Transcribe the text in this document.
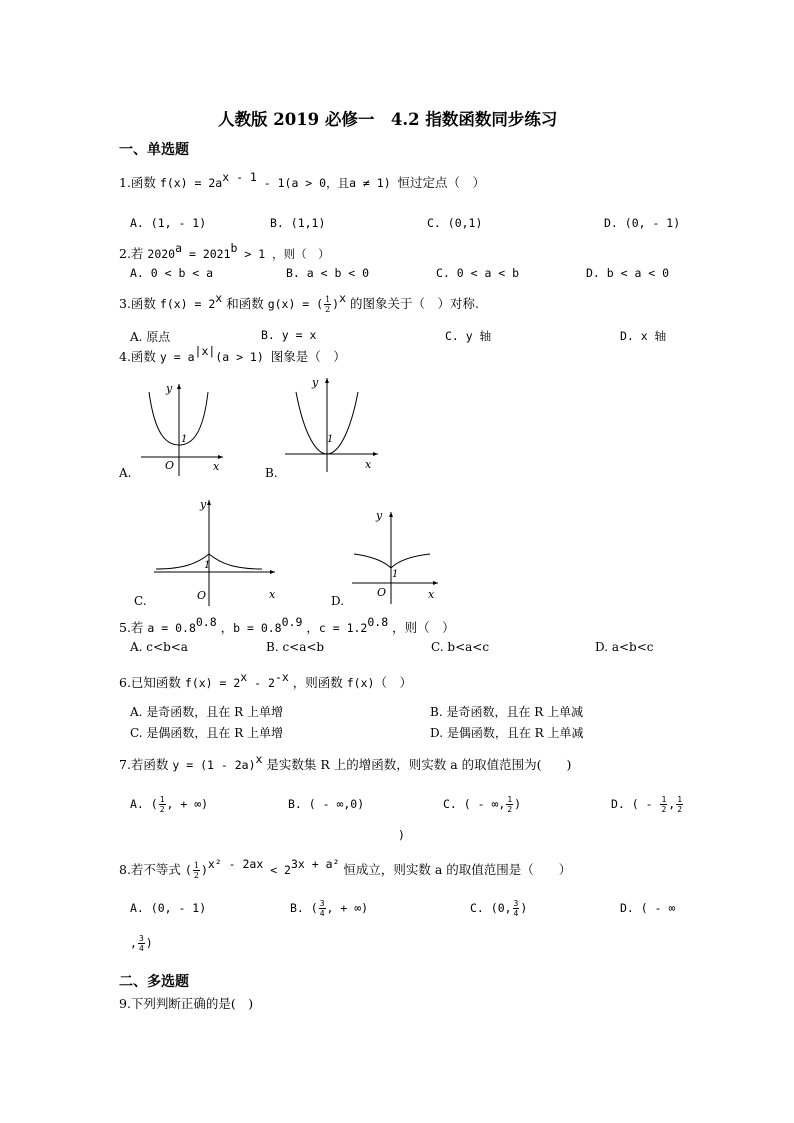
人教版 2019 必修一　4.2 指数函数同步练习
一、单选题
1.函数 $f(x) = 2a^{x - 1} - 1(a > 0$，且a ≠ 1) 恒过定点（　）
A. (1, - 1)	B. (1,1)	C. (0,1)	D. (0, - 1)
2.若 $2020^a = 2021^b > 1$ ，则（　）
A. 0 < b < a	B. a < b < 0	C. 0 < a < b	D. b < a < 0
3.函数 $f(x) = 2^x$ 和函数 g(x) = ( $\frac{1}{2} )^x$ 的图象关于（　）对称.
A. 原点	B. y = x	C. y 轴	D. x 轴
4.函数 $y = a^{|x|}(a > 1)$ 图象是（　）
y
1
O	x
A.
y
1
x
B.
y
1
O	x
C.
y
1
O	x
D.
5.若 $a = 0.8^{0.8}$ ，$b = 0.8^{0.9}$ ，$c = 1.2^{0.8}$ ，则（　）
A. c<b<a	B. c<a<b	C. b<a<c	D. a<b<c
6.已知函数 $f(x) = 2^x - 2^{-x}$ ，则函数 f(x)（　）
A. 是奇函数，且在 R 上单增	B. 是奇函数，且在 R 上单减
C. 是偶函数，且在 R 上单增	D. 是偶函数，且在 R 上单减
7.若函数 y = (1 - 2a)$^x$ 是实数集 R 上的增函数，则实数 a 的取值范围为(　　)
A. ( $\frac{1}{2}$ , + ∞)	B. ( - ∞,0)	C. ( - ∞, $\frac{1}{2}$ )	D. ( - $\frac{1}{2}$ , $\frac{1}{2}$
)
8.若不等式 ( $\frac{1}{2} )^{x^2 - 2ax} < 2^{3x + a^2}$ 恒成立，则实数 a 的取值范围是（　　）
A. (0, - 1)	B. ( $\frac{3}{4}$ , + ∞)	C. (0, $\frac{3}{4}$ )	D. ( - ∞
, $\frac{3}{4}$ )
二、多选题
9.下列判断正确的是(　)
